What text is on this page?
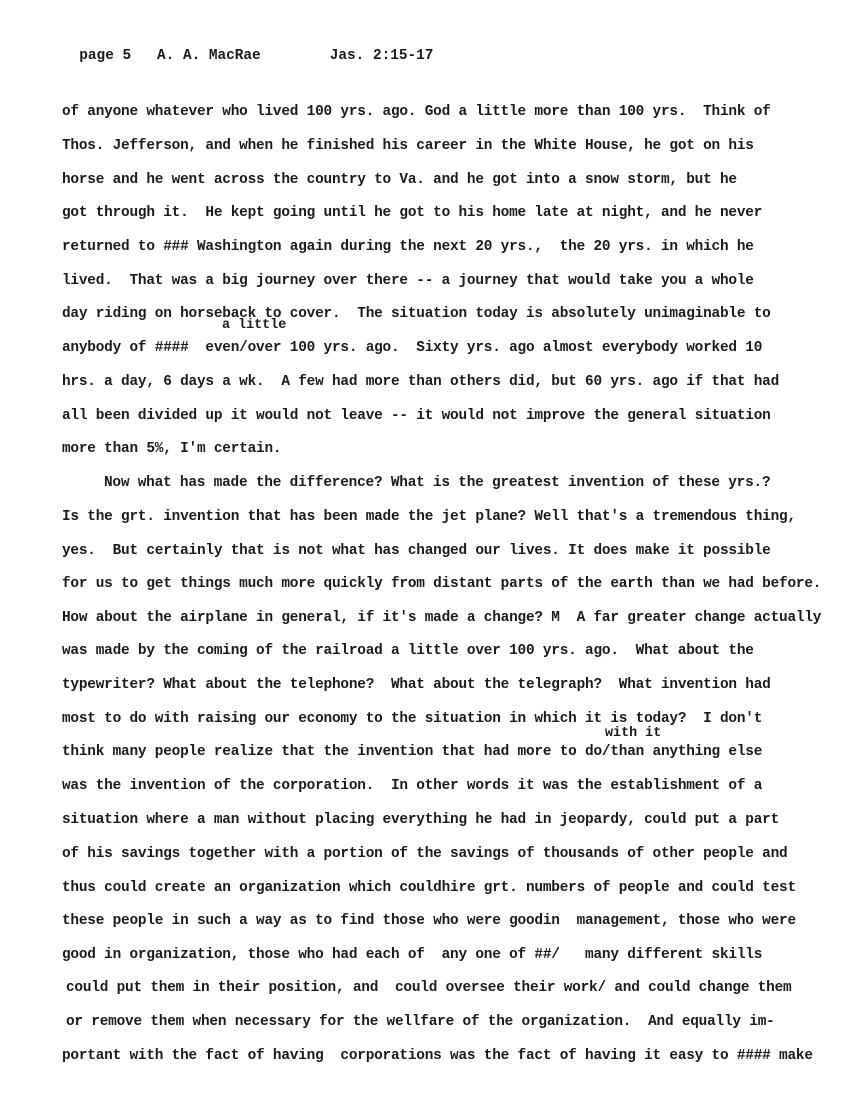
page 5 A. A. MacRae	Jas. 2:15-17

a little
with it
of anyone whatever who lived 100 yrs. ago. God a little more than 100 yrs.  Think of
Thos. Jefferson, and when he finished his career in the White House, he got on his
horse and he went across the country to Va. and he got into a snow storm, but he
got through it.  He kept going until he got to his home late at night, and he never
returned to ### Washington again during the next 20 yrs.,  the 20 yrs. in which he
lived.  That was a big journey over there -- a journey that would take you a whole
day riding on horseback to cover.  The situation today is absolutely unimaginable to
anybody of ####  even/over 100 yrs. ago.  Sixty yrs. ago almost everybody worked 10
hrs. a day, 6 days a wk.  A few had more than others did, but 60 yrs. ago if that had
all been divided up it would not leave -- it would not improve the general situation
more than 5%, I'm certain.
Now what has made the difference? What is the greatest invention of these yrs.?
Is the grt. invention that has been made the jet plane? Well that's a tremendous thing,
yes.  But certainly that is not what has changed our lives. It does make it possible
for us to get things much more quickly from distant parts of the earth than we had before.
How about the airplane in general, if it's made a change? M  A far greater change actually
was made by the coming of the railroad a little over 100 yrs. ago.  What about the
typewriter? What about the telephone?  What about the telegraph?  What invention had
most to do with raising our economy to the situation in which it is today?  I don't
think many people realize that the invention that had more to do/than anything else
was the invention of the corporation.  In other words it was the establishment of a
situation where a man without placing everything he had in jeopardy, could put a part
of his savings together with a portion of the savings of thousands of other people and
thus could create an organization which couldhire grt. numbers of people and could test
these people in such a way as to find those who were goodin  management, those who were
good in organization, those who had each of  any one of ##/   many different skills
could put them in their position, and  could oversee their work/ and could change them
or remove them when necessary for the wellfare of the organization.  And equally im-
portant with the fact of having  corporations was the fact of having it easy to #### make
